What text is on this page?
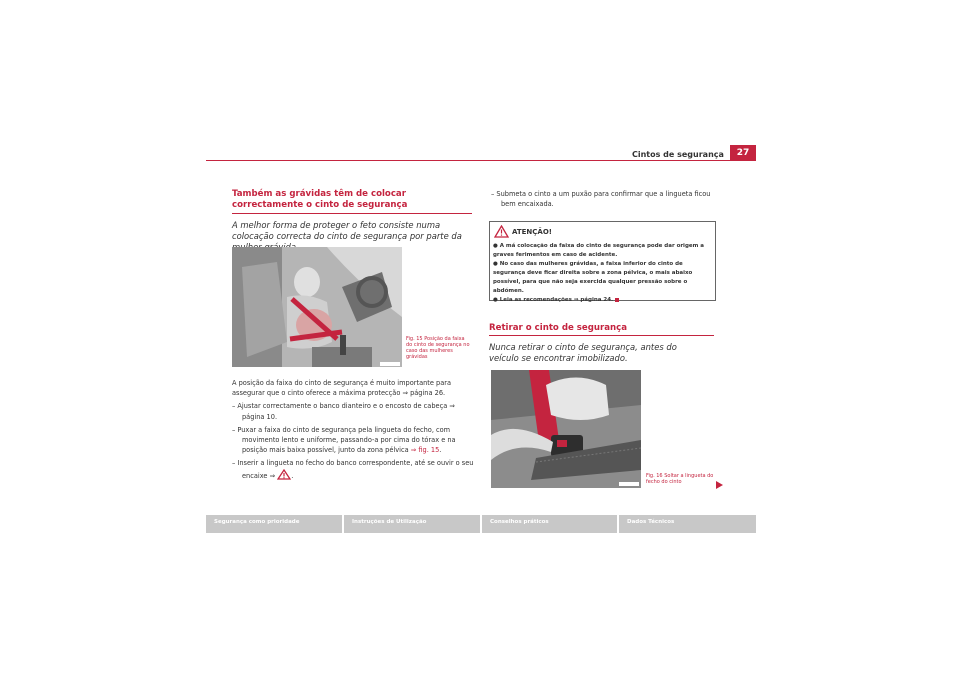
Cintos de segurança	27
Também as grávidas têm de colocar correctamente o cinto de segurança
A melhor forma de proteger o feto consiste numa colocação correcta do cinto de segurança por parte da
Fig. 15 Posição da faixa do cinto de segurança no caso das mulheres grávidas
A posição da faixa do cinto de segurança é muito importante para assegurar que o cinto oferece a máxima protecção ⇒ página 26.
– Ajustar correctamente o banco dianteiro e o encosto de cabeça ⇒ página 10.
– Puxar a faixa do cinto de segurança pela lingueta do fecho, com movimento lento e uniforme, passando-a por cima do tórax e na posição mais baixa possível, junto da zona pélvica ⇒ fig. 15.
– Inserir a lingueta no fecho do banco correspondente, até se ouvir o seu encaixe ⇒ .
– Submeta o cinto a um puxão para confirmar que a lingueta ficou bem encaixada.
ATENÇÃO!
● A má colocação da faixa do cinto de segurança pode dar origem a graves ferimentos em caso de acidente.
● No caso das mulheres grávidas, a faixa inferior do cinto de segurança deve ficar direita sobre a zona pélvica, o mais abaixo possível, para que não seja exercida qualquer pressão sobre o abdómen.
● Leia as recomendações ⇒ página 24.
Retirar o cinto de segurança
Nunca retirar o cinto de segurança, antes do veículo se encontrar imobilizado.
Fig. 16 Soltar a lingueta do fecho do cinto
Segurança como prioridade	Instruções de Utilização	Conselhos práticos	Dados Técnicos
